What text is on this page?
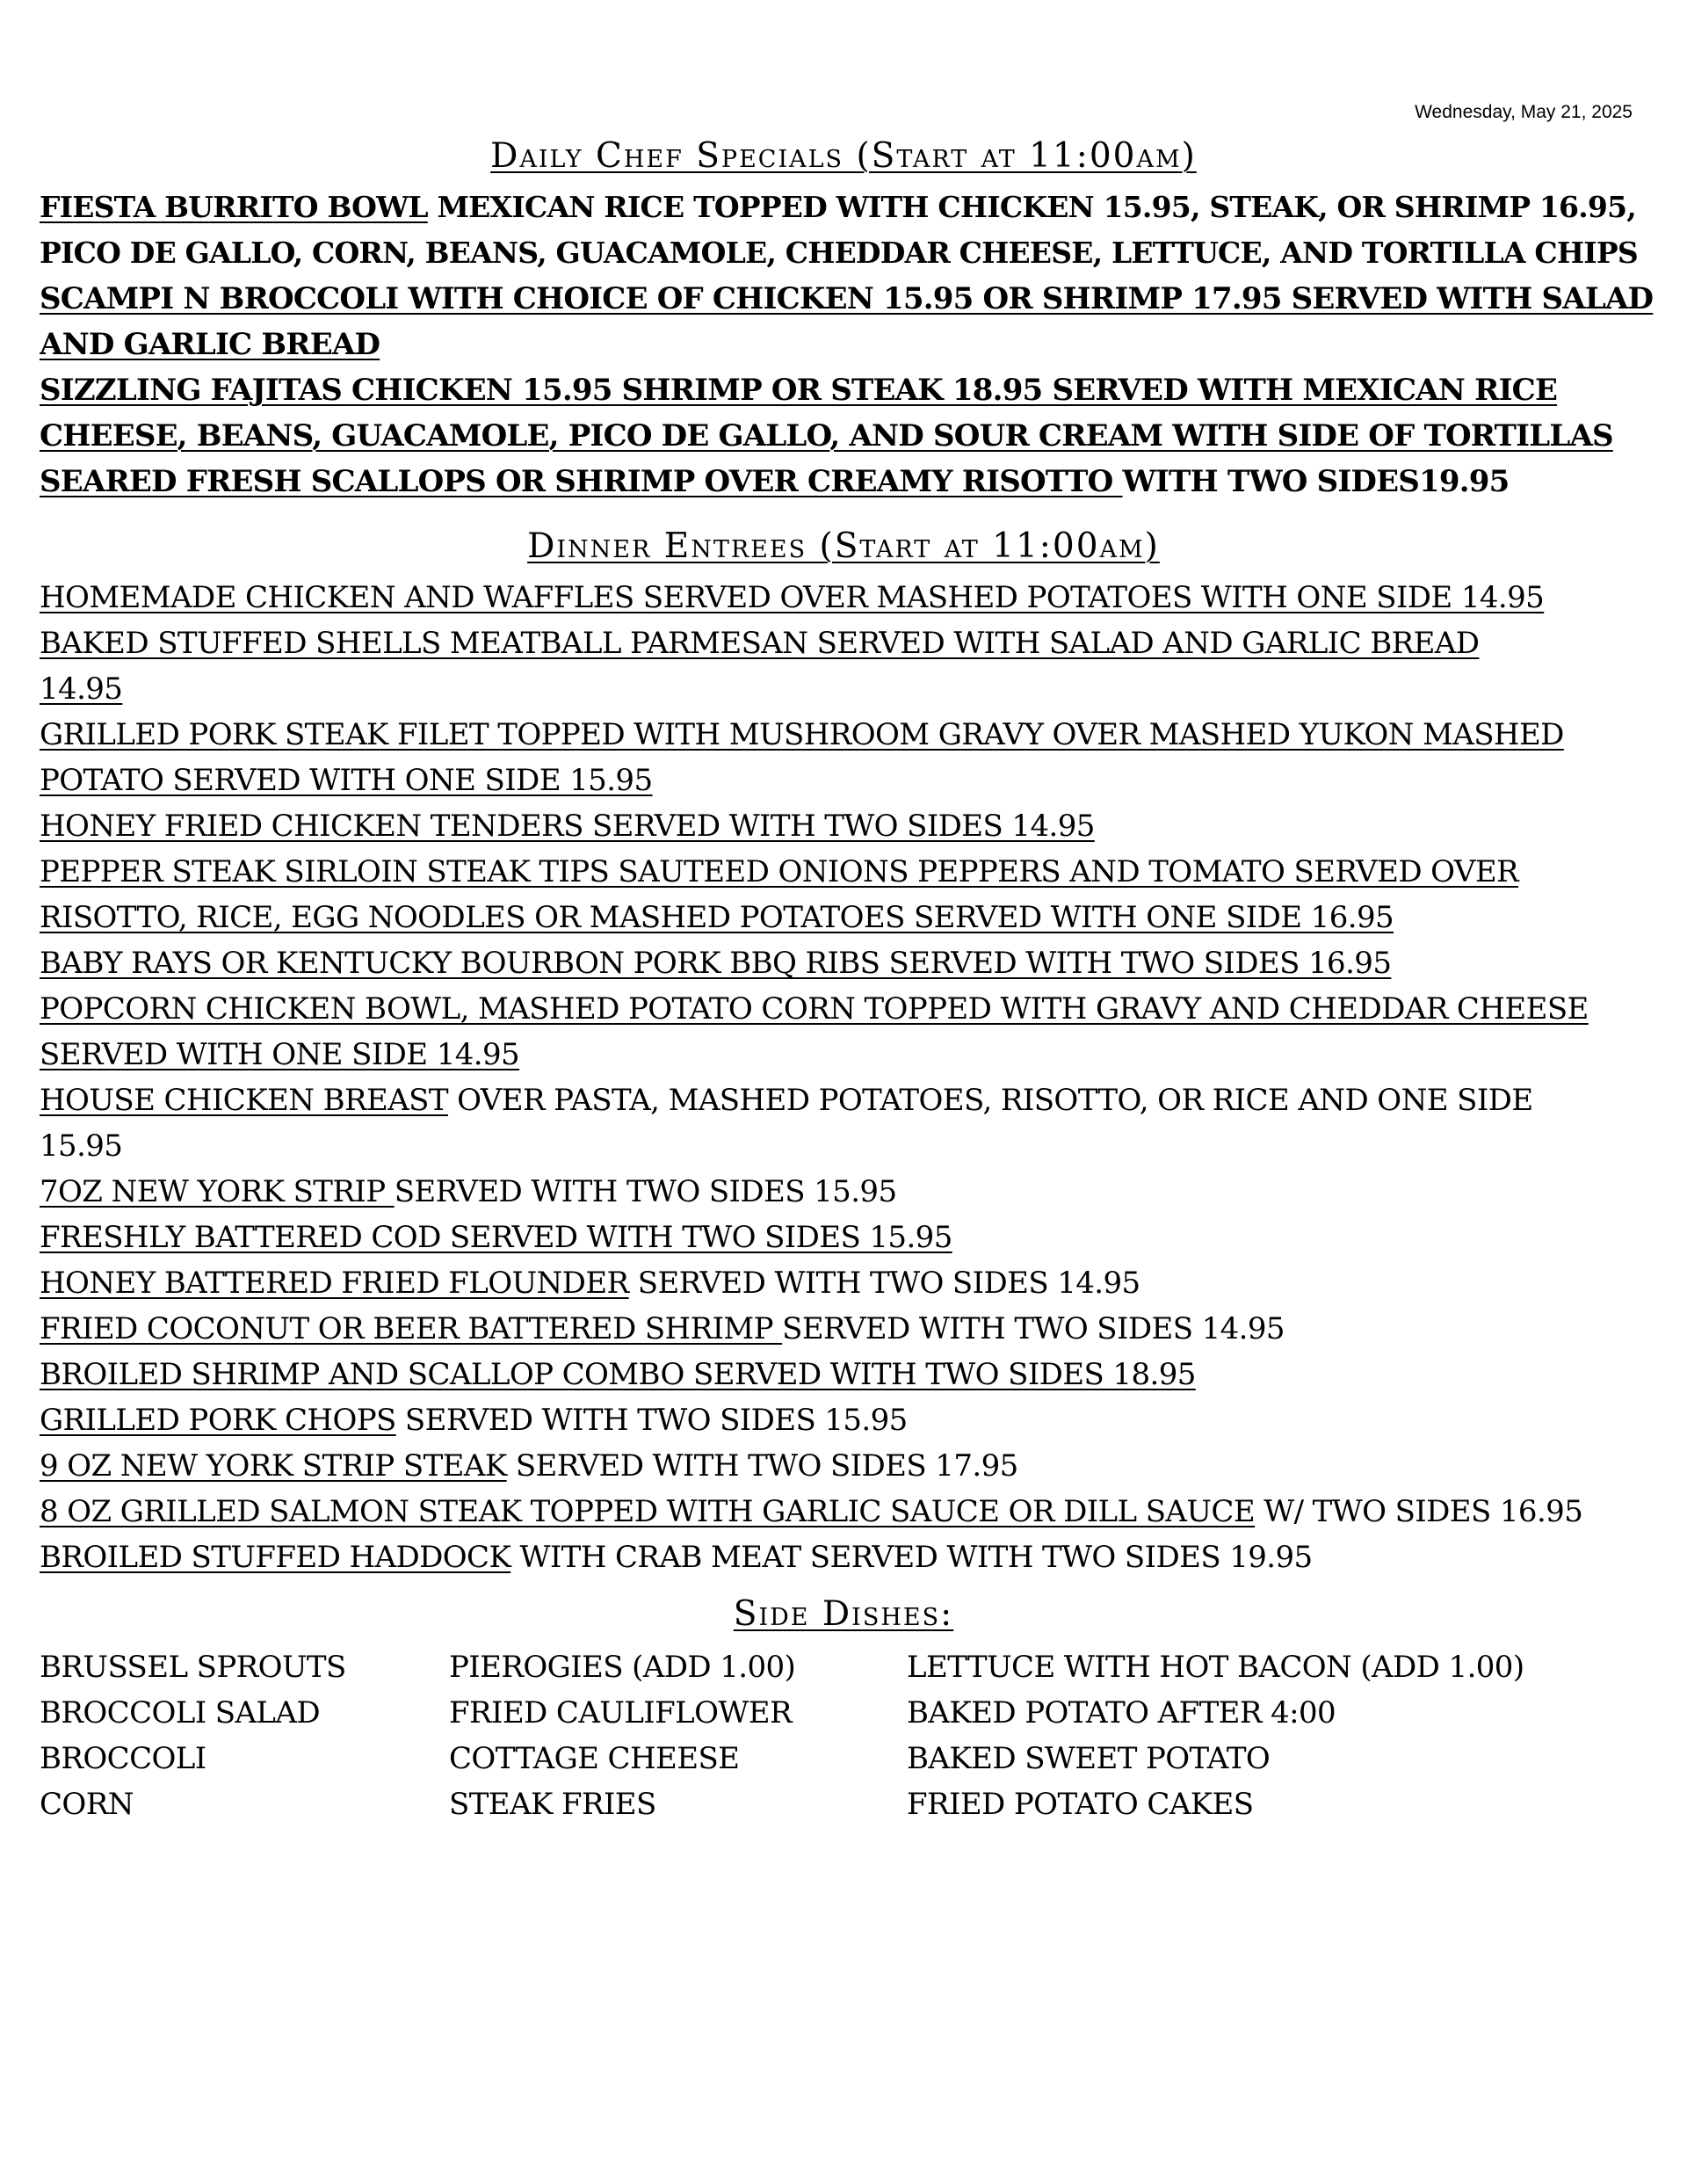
Wednesday, May 21, 2025
Daily Chef Specials (Start at 11:00am)
FIESTA BURRITO BOWL MEXICAN RICE TOPPED WITH CHICKEN 15.95, STEAK, OR SHRIMP 16.95,
PICO DE GALLO, CORN, BEANS, GUACAMOLE, CHEDDAR CHEESE, LETTUCE, AND TORTILLA CHIPS
SCAMPI N BROCCOLI WITH CHOICE OF CHICKEN 15.95 OR SHRIMP 17.95 SERVED WITH SALAD
AND GARLIC BREAD
SIZZLING FAJITAS CHICKEN 15.95 SHRIMP OR STEAK 18.95 SERVED WITH MEXICAN RICE
CHEESE, BEANS, GUACAMOLE, PICO DE GALLO, AND SOUR CREAM WITH SIDE OF TORTILLAS
SEARED FRESH SCALLOPS OR SHRIMP OVER CREAMY RISOTTO WITH TWO SIDES19.95
Dinner Entrees (Start at 11:00am)
HOMEMADE CHICKEN AND WAFFLES SERVED OVER MASHED POTATOES WITH ONE SIDE 14.95
BAKED STUFFED SHELLS MEATBALL PARMESAN SERVED WITH SALAD AND GARLIC BREAD
14.95
GRILLED PORK STEAK FILET TOPPED WITH MUSHROOM GRAVY OVER MASHED YUKON MASHED
POTATO SERVED WITH ONE SIDE 15.95
HONEY FRIED CHICKEN TENDERS SERVED WITH TWO SIDES 14.95
PEPPER STEAK SIRLOIN STEAK TIPS SAUTEED ONIONS PEPPERS AND TOMATO SERVED OVER
RISOTTO, RICE, EGG NOODLES OR MASHED POTATOES SERVED WITH ONE SIDE 16.95
BABY RAYS OR KENTUCKY BOURBON PORK BBQ RIBS SERVED WITH TWO SIDES 16.95
POPCORN CHICKEN BOWL, MASHED POTATO CORN TOPPED WITH GRAVY AND CHEDDAR CHEESE
SERVED WITH ONE SIDE 14.95
HOUSE CHICKEN BREAST OVER PASTA, MASHED POTATOES, RISOTTO, OR RICE AND ONE SIDE
15.95
7OZ NEW YORK STRIP SERVED WITH TWO SIDES 15.95
FRESHLY BATTERED COD SERVED WITH TWO SIDES 15.95
HONEY BATTERED FRIED FLOUNDER SERVED WITH TWO SIDES 14.95
FRIED COCONUT OR BEER BATTERED SHRIMP SERVED WITH TWO SIDES 14.95
BROILED SHRIMP AND SCALLOP COMBO SERVED WITH TWO SIDES 18.95
GRILLED PORK CHOPS SERVED WITH TWO SIDES 15.95
9 OZ NEW YORK STRIP STEAK SERVED WITH TWO SIDES 17.95
8 OZ GRILLED SALMON STEAK TOPPED WITH GARLIC SAUCE OR DILL SAUCE W/ TWO SIDES 16.95
BROILED STUFFED HADDOCK WITH CRAB MEAT SERVED WITH TWO SIDES 19.95
Side Dishes:
BRUSSEL SPROUTS	PIEROGIES (ADD 1.00)	LETTUCE WITH HOT BACON (ADD 1.00)
BROCCOLI SALAD	FRIED CAULIFLOWER	BAKED POTATO AFTER 4:00
BROCCOLI	COTTAGE CHEESE	BAKED SWEET POTATO
CORN	STEAK FRIES	FRIED POTATO CAKES
